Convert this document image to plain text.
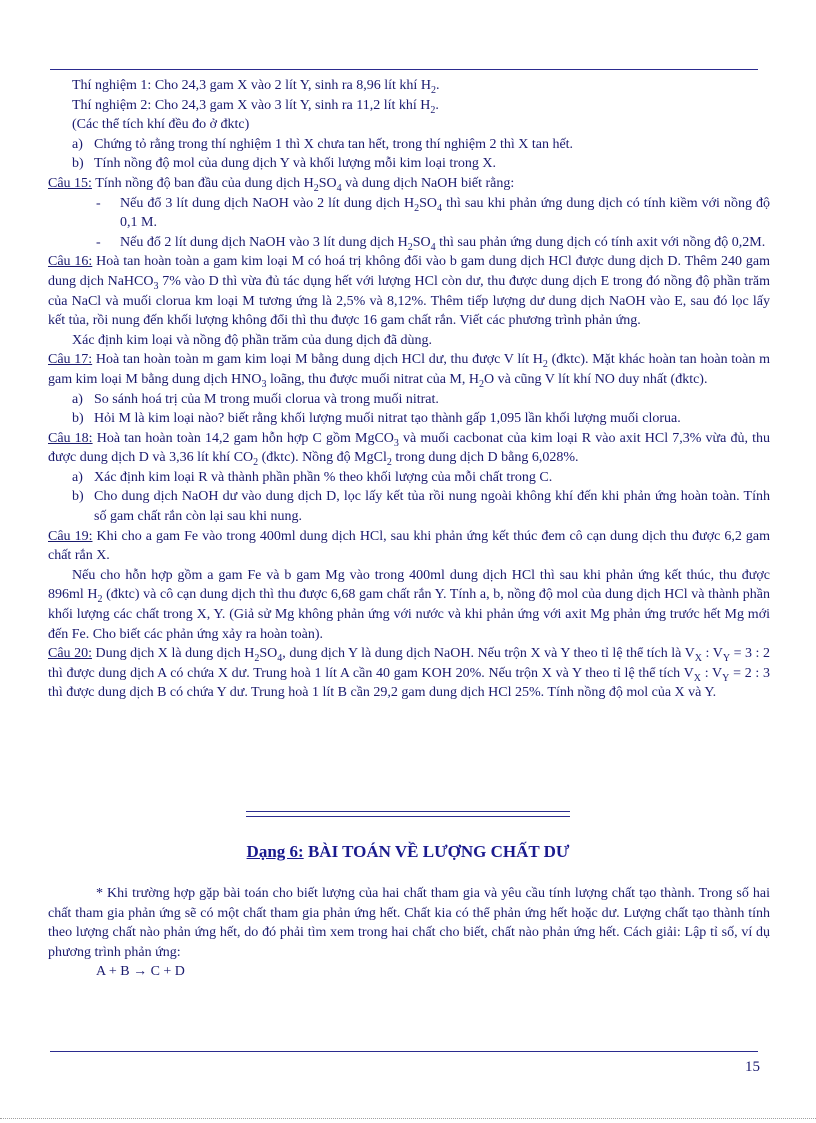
Thí nghiệm 1: Cho 24,3 gam X vào 2 lít Y, sinh ra 8,96 lít khí $H_2$.

Thí nghiệm 2: Cho 24,3 gam X vào 3 lít Y, sinh ra 11,2 lít khí $H_2$.

(Các thể tích khí đều đo ở đktc)

a) Chứng tỏ rằng trong thí nghiệm 1 thì X chưa tan hết, trong thí nghiệm 2 thì X tan hết.

b) Tính nồng độ mol của dung dịch Y và khối lượng mỗi kim loại trong X.

Câu 15: Tính nồng độ ban đầu của dung dịch $H_2SO_4$ và dung dịch NaOH biết rằng:

- Nếu đổ 3 lít dung dịch NaOH vào 2 lít dung dịch $H_2SO_4$ thì sau khi phản ứng dung dịch có tính kiềm với nồng độ 0,1 M.

- Nếu đổ 2 lít dung dịch NaOH vào 3 lít dung dịch $H_2SO_4$ thì sau phản ứng dung dịch có tính axit với nồng độ 0,2M.

Câu 16: Hoà tan hoàn toàn a gam kim loại M có hoá trị không đổi vào b gam dung dịch HCl được dung dịch D. Thêm 240 gam dung dịch NaHCO$_3$ 7% vào D thì vừa đủ tác dụng hết với lượng HCl còn dư, thu được dung dịch E trong đó nồng độ phần trăm của NaCl và muối clorua km loại M tương ứng là 2,5% và 8,12%. Thêm tiếp lượng dư dung dịch NaOH vào E, sau đó lọc lấy kết tủa, rồi nung đến khối lượng không đổi thì thu được 16 gam chất rắn. Viết các phương trình phản ứng.

Xác định kim loại và nồng độ phần trăm của dung dịch đã dùng.

Câu 17: Hoà tan hoàn toàn m gam kim loại M bằng dung dịch HCl dư, thu được V lít $H_2$ (đktc). Mặt khác hoàn tan hoàn toàn m gam kim loại M bằng dung dịch $HNO_3$ loãng, thu được muối nitrat của M, $H_2O$ và cũng V lít khí NO duy nhất (đktc).

a) So sánh hoá trị của M trong muối clorua và trong muối nitrat.

b) Hỏi M là kim loại nào? biết rằng khối lượng muối nitrat tạo thành gấp 1,095 lần khối lượng muối clorua.

Câu 18: Hoà tan hoàn toàn 14,2 gam hỗn hợp C gồm MgCO$_3$ và muối cacbonat của kim loại R vào axit HCl 7,3% vừa đủ, thu được dung dịch D và 3,36 lít khí $CO_2$ (đktc). Nồng độ MgCl$_2$ trong dung dịch D bằng 6,028%.

a) Xác định kim loại R và thành phần phần % theo khối lượng của mỗi chất trong C.

b) Cho dung dịch NaOH dư vào dung dịch D, lọc lấy kết tủa rồi nung ngoài không khí đến khi phản ứng hoàn toàn. Tính số gam chất rắn còn lại sau khi nung.

Câu 19: Khi cho a gam Fe vào trong 400ml dung dịch HCl, sau khi phản ứng kết thúc đem cô cạn dung dịch thu được 6,2 gam chất rắn X.

Nếu cho hỗn hợp gồm a gam Fe và b gam Mg vào trong 400ml dung dịch HCl thì sau khi phản ứng kết thúc, thu được 896ml $H_2$ (đktc) và cô cạn dung dịch thì thu được 6,68 gam chất rắn Y. Tính a, b, nồng độ mol của dung dịch HCl và thành phần khối lượng các chất trong X, Y. (Giả sử Mg không phản ứng với nước và khi phản ứng với axit Mg phản ứng trước hết Mg mới đến Fe. Cho biết các phản ứng xảy ra hoàn toàn).

Câu 20: Dung dịch X là dung dịch $H_2SO_4$, dung dịch Y là dung dịch NaOH. Nếu trộn X và Y theo tỉ lệ thể tích là $V_X$ : $V_Y = 3$ : 2 thì được dung dịch A có chứa X dư. Trung hoà 1 lít A cần 40 gam KOH 20%. Nếu trộn X và Y theo tỉ lệ thể tích $V_X$ : $V_Y = 2$ : 3 thì được dung dịch B có chứa Y dư. Trung hoà 1 lít B cần 29,2 gam dung dịch HCl 25%. Tính nồng độ mol của X và Y.

Dạng 6: BÀI TOÁN VỀ LƯỢNG CHẤT DƯ

* Khi trường hợp gặp bài toán cho biết lượng của hai chất tham gia và yêu cầu tính lượng chất tạo thành. Trong số hai chất tham gia phản ứng sẽ có một chất tham gia phản ứng hết. Chất kia có thể phản ứng hết hoặc dư. Lượng chất tạo thành tính theo lượng chất nào phản ứng hết, do đó phải tìm xem trong hai chất cho biết, chất nào phản ứng hết. Cách giải: Lập tỉ số, ví dụ phương trình phản ứng:

A + B → C + D

15
